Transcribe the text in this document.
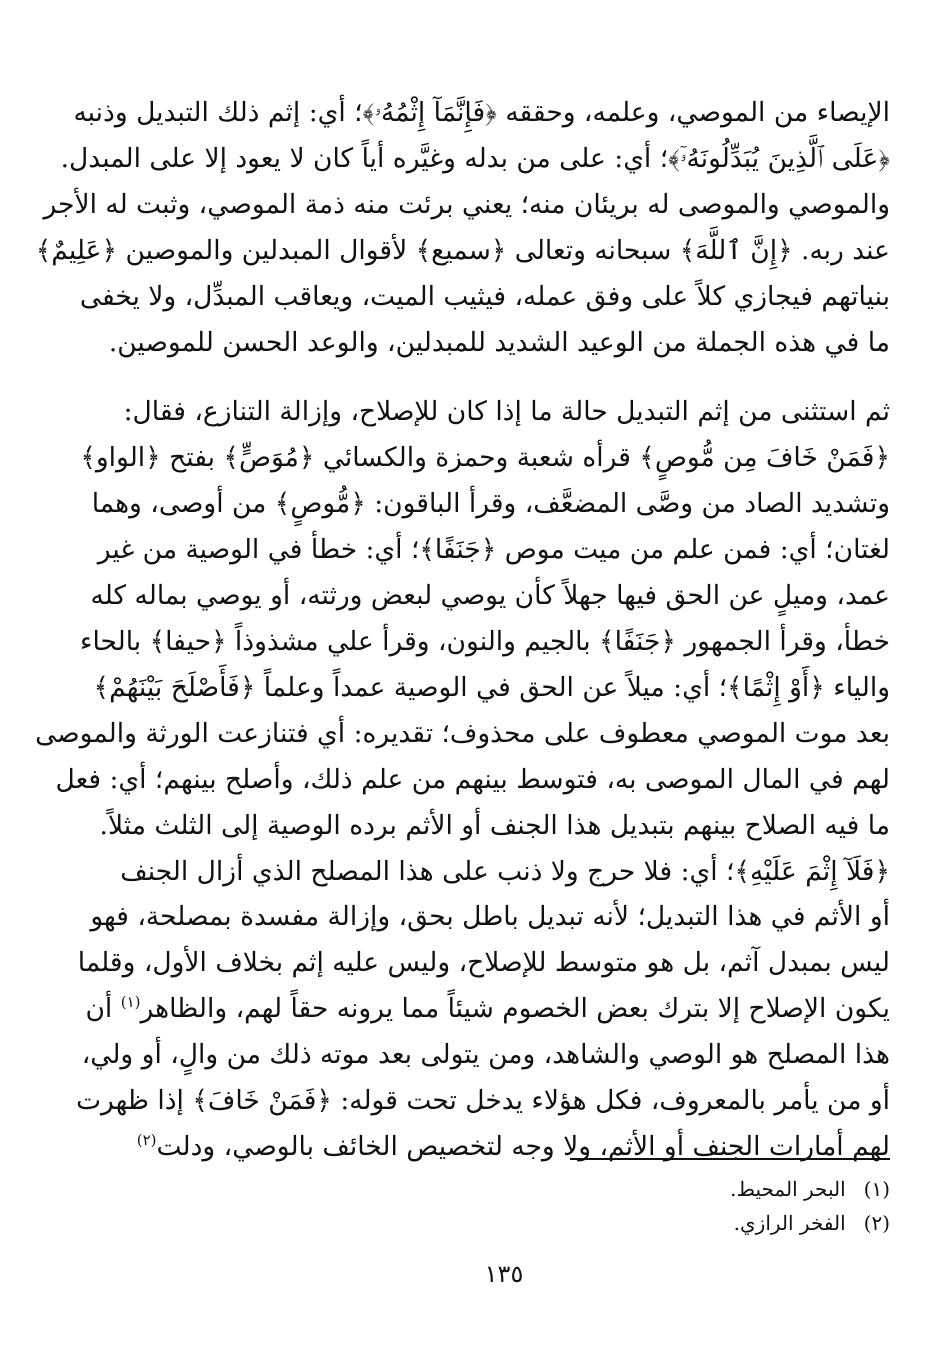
الإيصاء من الموصي، وعلمه، وحققه ﴿فَإِنَّمَآ إِثْمُهُۥ﴾؛ أي: إثم ذلك التبديل وذنبه
﴿عَلَى ٱلَّذِينَ يُبَدِّلُونَهُۥٓ﴾؛ أي: على من بدله وغيَّره أياً كان لا يعود إلا على المبدل.
والموصي والموصى له بريئان منه؛ يعني برئت منه ذمة الموصي، وثبت له الأجر
عند ربه. ﴿إِنَّ ٱللَّهَ﴾ سبحانه وتعالى ﴿سميع﴾ لأقوال المبدلين والموصين ﴿عَلِيمٌ﴾
بنياتهم فيجازي كلاً على وفق عمله، فيثيب الميت، ويعاقب المبدِّل، ولا يخفى
ما في هذه الجملة من الوعيد الشديد للمبدلين، والوعد الحسن للموصين.
ثم استثنى من إثم التبديل حالة ما إذا كان للإصلاح، وإزالة التنازع، فقال:
﴿فَمَنْ خَافَ مِن مُّوصٍ﴾ قرأه شعبة وحمزة والكسائي ﴿مُوَصٍّ﴾ بفتح ﴿الواو﴾
وتشديد الصاد من وصَّى المضعَّف، وقرأ الباقون: ﴿مُّوصٍ﴾ من أوصى، وهما
لغتان؛ أي: فمن علم من ميت موص ﴿جَنَفًا﴾؛ أي: خطأ في الوصية من غير
عمد، وميلٍ عن الحق فيها جهلاً كأن يوصي لبعض ورثته، أو يوصي بماله كله
خطأ، وقرأ الجمهور ﴿جَنَفًا﴾ بالجيم والنون، وقرأ علي مشذوذاً ﴿حيفا﴾ بالحاء
والياء ﴿أَوْ إِثْمًا﴾؛ أي: ميلاً عن الحق في الوصية عمداً وعلماً ﴿فَأَصْلَحَ بَيْنَهُمْ﴾
بعد موت الموصي معطوف على محذوف؛ تقديره: أي فتنازعت الورثة والموصى
لهم في المال الموصى به، فتوسط بينهم من علم ذلك، وأصلح بينهم؛ أي: فعل
ما فيه الصلاح بينهم بتبديل هذا الجنف أو الأثم برده الوصية إلى الثلث مثلاً.
﴿فَلَآ إِثْمَ عَلَيْهِ﴾؛ أي: فلا حرج ولا ذنب على هذا المصلح الذي أزال الجنف
أو الأثم في هذا التبديل؛ لأنه تبديل باطل بحق، وإزالة مفسدة بمصلحة، فهو
ليس بمبدل آثم، بل هو متوسط للإصلاح، وليس عليه إثم بخلاف الأول، وقلما
يكون الإصلاح إلا بترك بعض الخصوم شيئاً مما يرونه حقاً لهم، والظاهر$^{(١)}$ أن
هذا المصلح هو الوصي والشاهد، ومن يتولى بعد موته ذلك من والٍ، أو ولي،
أو من يأمر بالمعروف، فكل هؤلاء يدخل تحت قوله: ﴿فَمَنْ خَافَ﴾ إذا ظهرت
لهم أمارات الجنف أو الأثم، ولا وجه لتخصيص الخائف بالوصي، ودلت$^{(٢)}$
(١) البحر المحيط.
(٢) الفخر الرازي.
١٣٥
